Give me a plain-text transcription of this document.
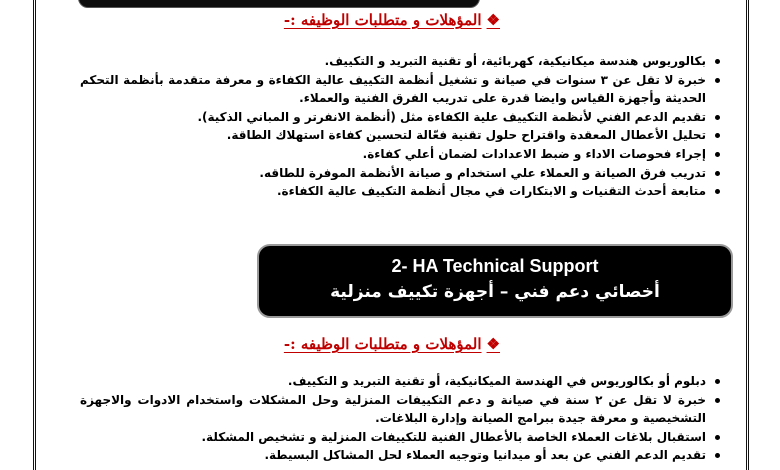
❖المؤهلات و متطلبات الوظيفه :-
بكالوريوس هندسة ميكانيكية، كهربائية، أو تقنية التبريد و التكييف.
خبرة لا تقل عن ٣ سنوات في صيانة و تشغيل أنظمة التكييف عالية الكفاءة و معرفة متقدمة بأنظمة التحكم الحديثة وأجهزة القياس وايضا قدرة على تدريب الفرق الفنية والعملاء.
تقديم الدعم الفني لأنظمة التكييف علية الكفاءة مثل (أنظمة الانفرتر و المباني الذكية).
تحليل الأعطال المعقدة واقتراح حلول تقنية فعّالة لتحسين كفاءة استهلاك الطاقة.
إجراء فحوصات الاداء و ضبط الاعدادات لضمان أعلي كفاءة.
تدريب فرق الصيانة و العملاء علي استخدام و صيانة الأنظمة الموفرة للطاقه.
متابعة أحدث التقنيات و الابتكارات في مجال أنظمة التكييف عالية الكفاءة.
2- HA Technical Support
أخصائي دعم فني – أجهزة تكييف منزلية
❖المؤهلات و متطلبات الوظيفه :-
دبلوم أو بكالوريوس في الهندسة الميكانيكية، أو تقنية التبريد و التكييف.
خبرة لا تقل عن ٢ سنة في صيانة و دعم التكييفات المنزلية وحل المشكلات واستخدام الادوات والاجهزة التشخيصية و معرفة جيدة ببرامج الصيانة وإدارة البلاغات.
استقبال بلاغات العملاء الخاصة بالأعطال الفنية للتكييفات المنزلية و تشخيص المشكلة.
تقديم الدعم الفني عن بعد أو ميدانيا وتوجيه العملاء لحل المشاكل البسيطة.
